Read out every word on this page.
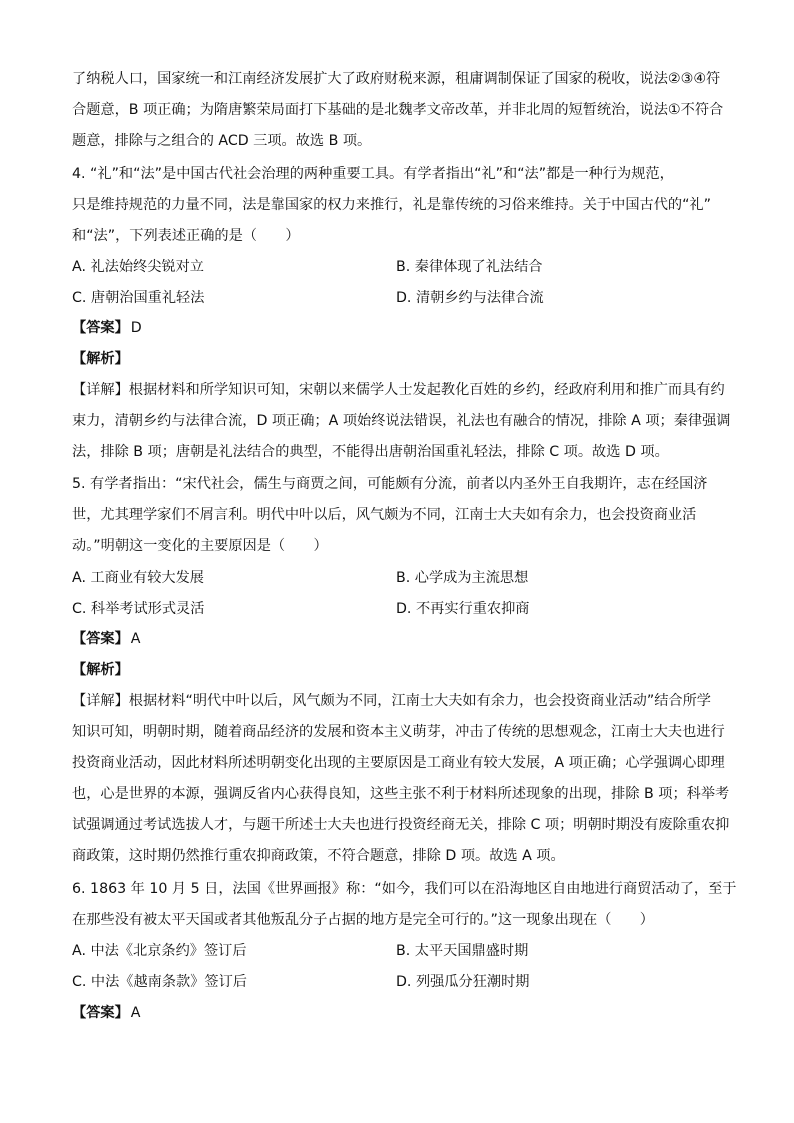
了纳税人口，国家统一和江南经济发展扩大了政府财税来源，租庸调制保证了国家的税收，说法②③④符
合题意，B 项正确；为隋唐繁荣局面打下基础的是北魏孝文帝改革，并非北周的短暂统治，说法①不符合
题意，排除与之组合的 ACD 三项。故选 B 项。
4. “礼”和“法”是中国古代社会治理的两种重要工具。有学者指出“礼”和“法”都是一种行为规范，
只是维持规范的力量不同，法是靠国家的权力来推行，礼是靠传统的习俗来维持。关于中国古代的“礼”
和“法”，下列表述正确的是（　　）
A. 礼法始终尖锐对立	B. 秦律体现了礼法结合
C. 唐朝治国重礼轻法	D. 清朝乡约与法律合流
【答案】 D
【解析】
【详解】根据材料和所学知识可知，宋朝以来儒学人士发起教化百姓的乡约，经政府利用和推广而具有约
束力，清朝乡约与法律合流，D 项正确；A 项始终说法错误，礼法也有融合的情况，排除 A 项；秦律强调
法，排除 B 项；唐朝是礼法结合的典型，不能得出唐朝治国重礼轻法，排除 C 项。故选 D 项。
5. 有学者指出：“宋代社会，儒生与商贾之间，可能颇有分流，前者以内圣外王自我期许，志在经国济
世，尤其理学家们不屑言利。明代中叶以后，风气颇为不同，江南士大夫如有余力，也会投资商业活
动。”明朝这一变化的主要原因是（　　）
A. 工商业有较大发展	B. 心学成为主流思想
C. 科举考试形式灵活	D. 不再实行重农抑商
【答案】 A
【解析】
【详解】根据材料“明代中叶以后，风气颇为不同，江南士大夫如有余力，也会投资商业活动”结合所学
知识可知，明朝时期，随着商品经济的发展和资本主义萌芽，冲击了传统的思想观念，江南士大夫也进行
投资商业活动，因此材料所述明朝变化出现的主要原因是工商业有较大发展，A 项正确；心学强调心即理
也，心是世界的本源，强调反省内心获得良知，这些主张不利于材料所述现象的出现，排除 B 项；科举考
试强调通过考试选拔人才，与题干所述士大夫也进行投资经商无关，排除 C 项；明朝时期没有废除重农抑
商政策，这时期仍然推行重农抑商政策，不符合题意，排除 D 项。故选 A 项。
6. 1863 年 10 月 5 日，法国《世界画报》称：“如今，我们可以在沿海地区自由地进行商贸活动了，至于
在那些没有被太平天国或者其他叛乱分子占据的地方是完全可行的。”这一现象出现在（　　）
A. 中法《北京条约》签订后	B. 太平天国鼎盛时期
C. 中法《越南条款》签订后	D. 列强瓜分狂潮时期
【答案】 A
